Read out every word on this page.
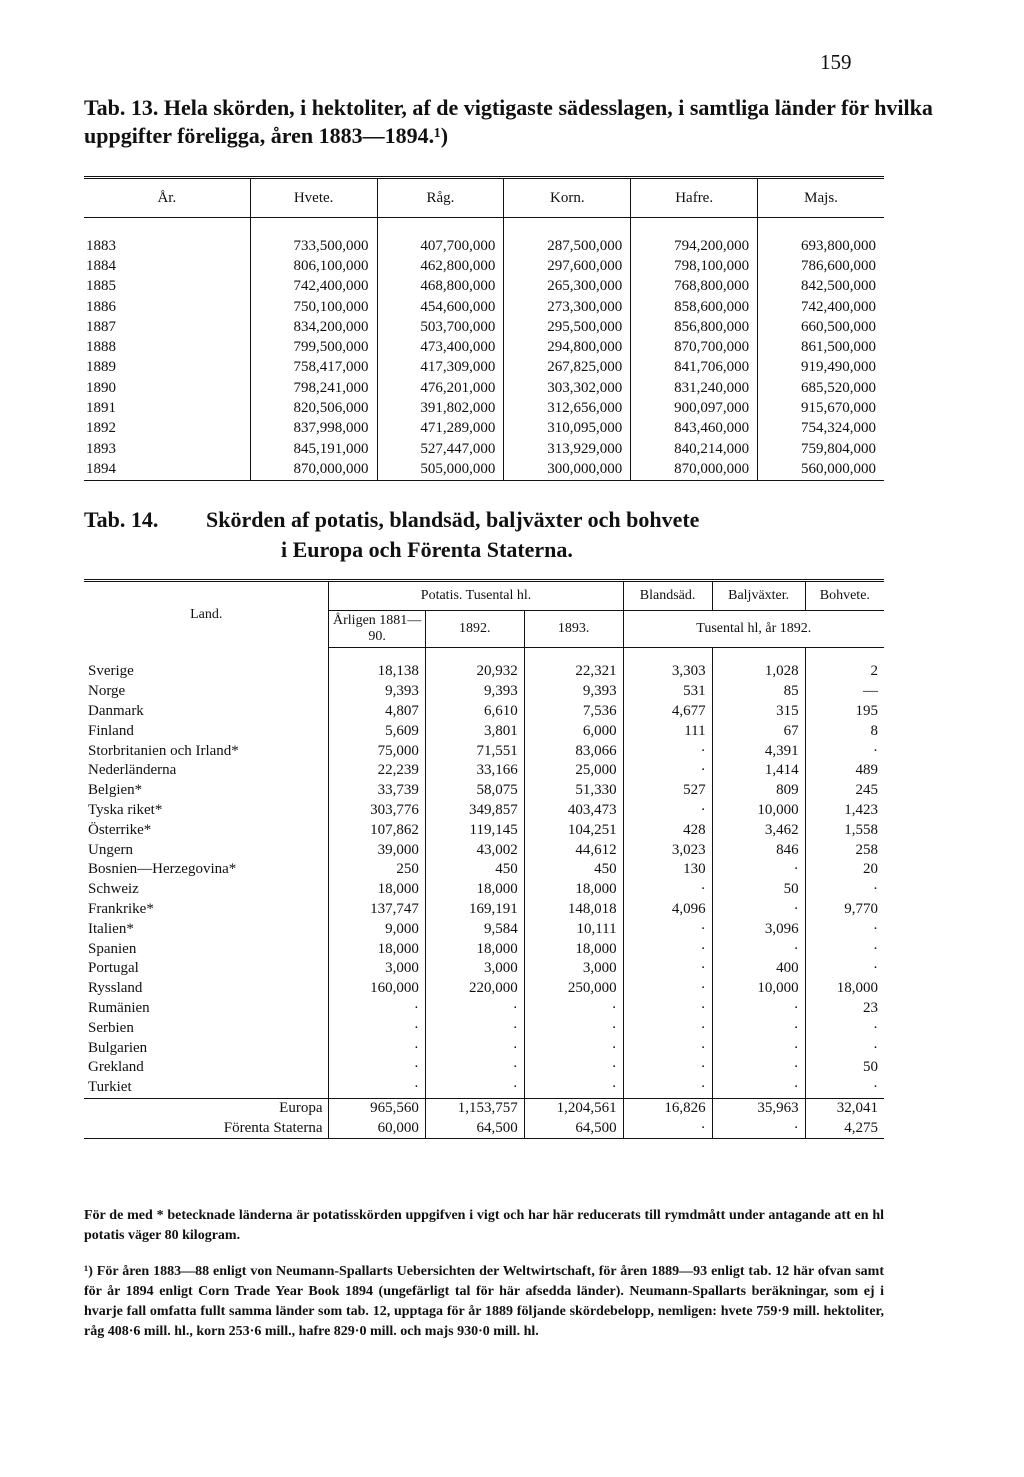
159
Tab. 13. Hela skörden, i hektoliter, af de vigtigaste sädesslagen, i samtliga länder för hvilka uppgifter föreligga, åren 1883—1894.¹)
År.	Hvete.	Råg.	Korn.	Hafre.	Majs.
1883	733,500,000	407,700,000	287,500,000	794,200,000	693,800,000
1884	806,100,000	462,800,000	297,600,000	798,100,000	786,600,000
1885	742,400,000	468,800,000	265,300,000	768,800,000	842,500,000
1886	750,100,000	454,600,000	273,300,000	858,600,000	742,400,000
1887	834,200,000	503,700,000	295,500,000	856,800,000	660,500,000
1888	799,500,000	473,400,000	294,800,000	870,700,000	861,500,000
1889	758,417,000	417,309,000	267,825,000	841,706,000	919,490,000
1890	798,241,000	476,201,000	303,302,000	831,240,000	685,520,000
1891	820,506,000	391,802,000	312,656,000	900,097,000	915,670,000
1892	837,998,000	471,289,000	310,095,000	843,460,000	754,324,000
1893	845,191,000	527,447,000	313,929,000	840,214,000	759,804,000
1894	870,000,000	505,000,000	300,000,000	870,000,000	560,000,000
Tab. 14. Skörden af potatis, blandsäd, baljväxter och bohvete
i Europa och Förenta Staterna.
Land.	Potatis. Tusental hl.			Blandsäd.	Baljväxter.	Bohvete.
	Årligen 1881—90.	1892.	1893.	Tusental hl, år 1892.		
Sverige	18,138	20,932	22,321	3,303	1,028	2
Norge	9,393	9,393	9,393	531	85	—
Danmark	4,807	6,610	7,536	4,677	315	195
Finland	5,609	3,801	6,000	111	67	8
Storbritanien och Irland*	75,000	71,551	83,066	·	4,391	·
Nederländerna	22,239	33,166	25,000	·	1,414	489
Belgien*	33,739	58,075	51,330	527	809	245
Tyska riket*	303,776	349,857	403,473	·	10,000	1,423
Österrike*	107,862	119,145	104,251	428	3,462	1,558
Ungern	39,000	43,002	44,612	3,023	846	258
Bosnien—Herzegovina*	250	450	450	130	·	20
Schweiz	18,000	18,000	18,000	·	50	·
Frankrike*	137,747	169,191	148,018	4,096	·	9,770
Italien*	9,000	9,584	10,111	·	3,096	·
Spanien	18,000	18,000	18,000	·	·	·
Portugal	3,000	3,000	3,000	·	400	·
Ryssland	160,000	220,000	250,000	·	10,000	18,000
Rumänien	·	·	·	·	·	23
Serbien	·	·	·	·	·	·
Bulgarien	·	·	·	·	·	·
Grekland	·	·	·	·	·	50
Turkiet	·	·	·	·	·	·
Europa	965,560	1,153,757	1,204,561	16,826	35,963	32,041
Förenta Staterna	60,000	64,500	64,500	·	·	4,275
För de med * betecknade länderna är potatisskörden uppgifven i vigt och har här reducerats till rymdmått under antagande att en hl potatis väger 80 kilogram.
¹) För åren 1883—88 enligt von Neumann-Spallarts Uebersichten der Weltwirtschaft, för åren 1889—93 enligt tab. 12 här ofvan samt för år 1894 enligt Corn Trade Year Book 1894 (ungefärligt tal för här afsedda länder). Neumann-Spallarts beräkningar, som ej i hvarje fall omfatta fullt samma länder som tab. 12, upptaga för år 1889 följande skördebelopp, nemligen: hvete 759·9 mill. hektoliter, råg 408·6 mill. hl., korn 253·6 mill., hafre 829·0 mill. och majs 930·0 mill. hl.
